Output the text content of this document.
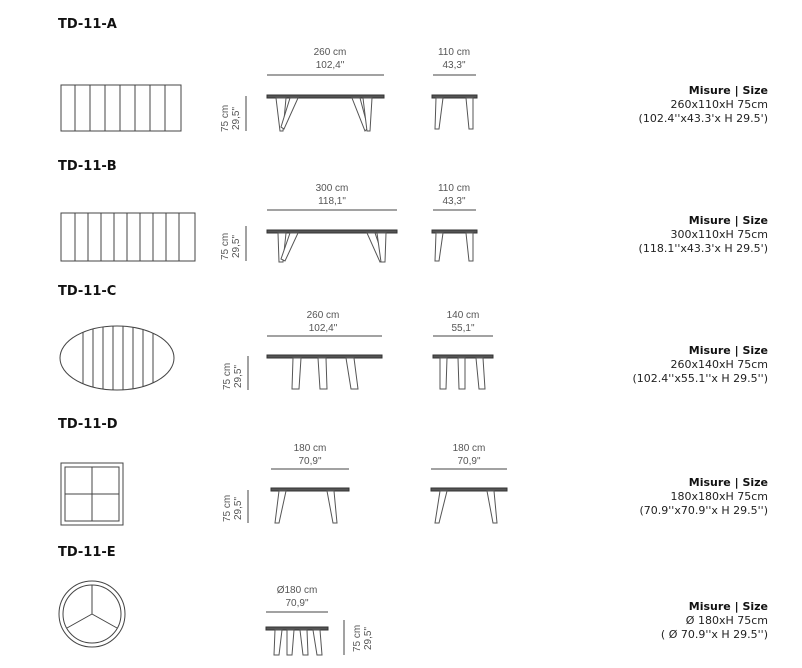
TD-11-A
75 cm 29,5"
260 cm
102,4"
110 cm
43,3"
Misure | Size
260x110xH 75cm
(102.4''x43.3'x H 29.5')
TD-11-B
75 cm 29,5"
300 cm
118,1"
110 cm
43,3"
Misure | Size
300x110xH 75cm
(118.1''x43.3'x H 29.5')
TD-11-C
75 cm 29,5"
260 cm
102,4"
140 cm
55,1"
Misure | Size
260x140xH 75cm
(102.4''x55.1''x H 29.5'')
TD-11-D
75 cm 29,5"
180 cm
70,9"
180 cm
70,9"
Misure | Size
180x180xH 75cm
(70.9''x70.9''x H 29.5'')
TD-11-E
Ø180 cm
70,9"
75 cm 29,5"
Misure | Size
Ø 180xH 75cm
( Ø 70.9''x H 29.5'')
